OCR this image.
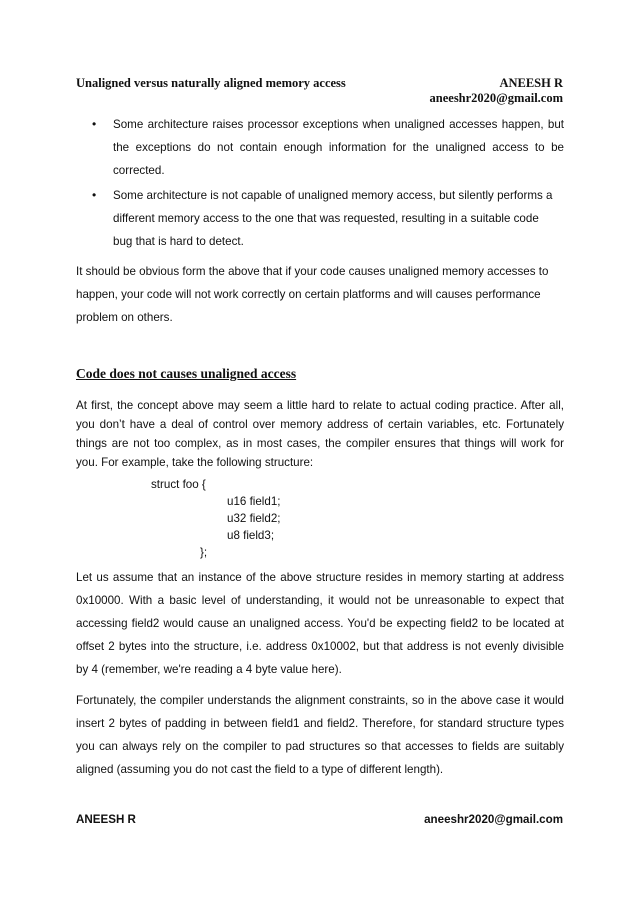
Unaligned versus naturally aligned memory access	ANEESH R
aneeshr2020@gmail.com
• Some architecture raises processor exceptions when unaligned accesses happen, but the exceptions do not contain enough information for the unaligned access to be corrected.
• Some architecture is not capable of unaligned memory access, but silently performs a different memory access to the one that was requested, resulting in a suitable code bug that is hard to detect.
It should be obvious form the above that if your code causes unaligned memory accesses to happen, your code will not work correctly on certain platforms and will causes performance problem on others.
Code does not causes unaligned access
At first, the concept above may seem a little hard to relate to actual coding practice. After all, you don’t have a deal of control over memory address of certain variables, etc. Fortunately things are not too complex, as in most cases, the compiler ensures that things will work for you. For example, take the following structure:
struct foo {
u16 field1;
u32 field2;
u8 field3;
};
Let us assume that an instance of the above structure resides in memory starting at address 0x10000. With a basic level of understanding, it would not be unreasonable to expect that accessing field2 would cause an unaligned access. You'd be expecting field2 to be located at offset 2 bytes into the structure, i.e. address 0x10002, but that address is not evenly divisible by 4 (remember, we're reading a 4 byte value here).
Fortunately, the compiler understands the alignment constraints, so in the above case it would insert 2 bytes of padding in between field1 and field2. Therefore, for standard structure types you can always rely on the compiler to pad structures so that accesses to fields are suitably aligned (assuming you do not cast the field to a type of different length).
ANEESH R	aneeshr2020@gmail.com
